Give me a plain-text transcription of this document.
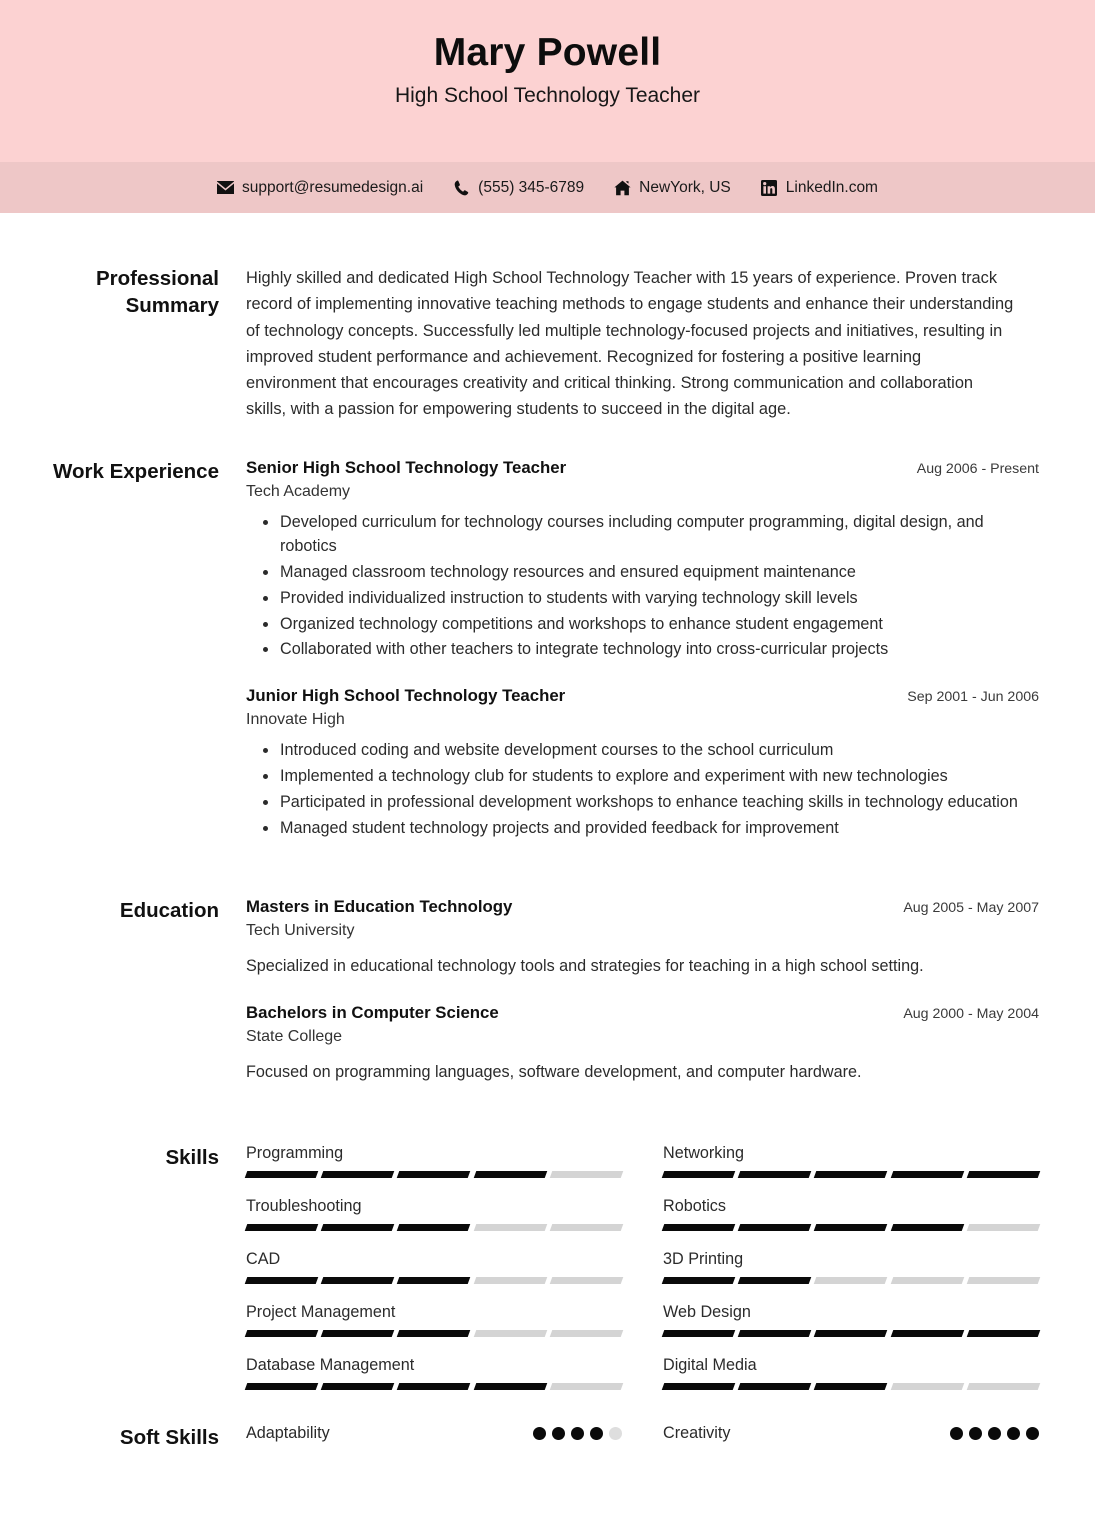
Mary Powell
High School Technology Teacher
support@resumedesign.ai	(555) 345-6789	NewYork, US	LinkedIn.com
Professional Summary
Highly skilled and dedicated High School Technology Teacher with 15 years of experience. Proven track record of implementing innovative teaching methods to engage students and enhance their understanding of technology concepts. Successfully led multiple technology-focused projects and initiatives, resulting in improved student performance and achievement. Recognized for fostering a positive learning environment that encourages creativity and critical thinking. Strong communication and collaboration skills, with a passion for empowering students to succeed in the digital age.
Work Experience	Senior High School Technology Teacher	Aug 2006 - Present
Tech Academy
Developed curriculum for technology courses including computer programming, digital design, and robotics
Managed classroom technology resources and ensured equipment maintenance
Provided individualized instruction to students with varying technology skill levels
Organized technology competitions and workshops to enhance student engagement
Collaborated with other teachers to integrate technology into cross-curricular projects
Junior High School Technology Teacher	Sep 2001 - Jun 2006
Innovate High
Introduced coding and website development courses to the school curriculum
Implemented a technology club for students to explore and experiment with new technologies
Participated in professional development workshops to enhance teaching skills in technology education
Managed student technology projects and provided feedback for improvement
Education	Masters in Education Technology	Aug 2005 - May 2007
Tech University
Specialized in educational technology tools and strategies for teaching in a high school setting.
Bachelors in Computer Science	Aug 2000 - May 2004
State College
Focused on programming languages, software development, and computer hardware.
Skills	Programming	Networking
Troubleshooting	Robotics
CAD	3D Printing
Project Management	Web Design
Database Management	Digital Media
Soft Skills	Adaptability	Creativity
